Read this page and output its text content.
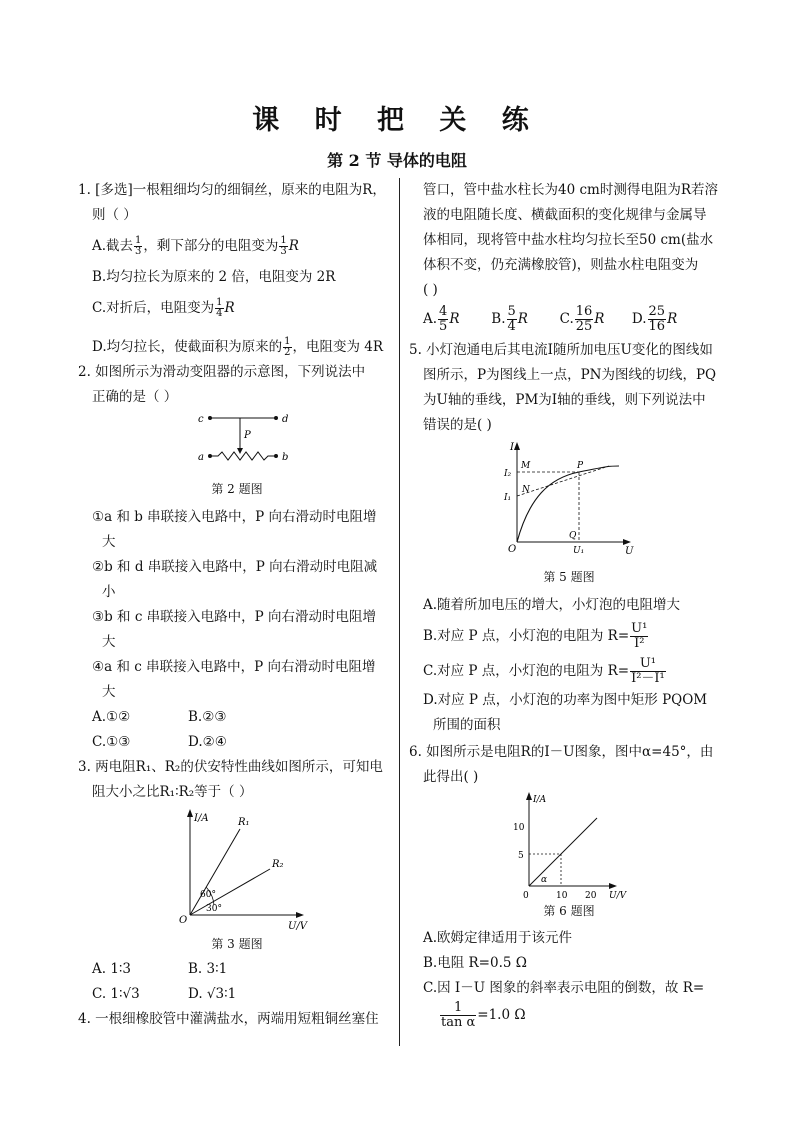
课 时 把 关 练
第 2 节 导体的电阻
1. [多选]一根粗细均匀的细铜丝，原来的电阻为R，
则（ ）
A.截去 $\frac{1}{3}$ ，剩下部分的电阻变为 $\frac{1}{3}$ R
B.均匀拉长为原来的 2 倍，电阻变为 2R
C.对折后，电阻变为 $\frac{1}{4}$ R
D.均匀拉长，使截面积为原来的 $\frac{1}{2}$ ，电阻变为 4R
2. 如图所示为滑动变阻器的示意图，下列说法中
正确的是（ ）
c	d
P
a	b
第 2 题图
①a 和 b 串联接入电路中，P 向右滑动时电阻增
大
②b 和 d 串联接入电路中，P 向右滑动时电阻减
小
③b 和 c 串联接入电路中，P 向右滑动时电阻增
大
④a 和 c 串联接入电路中，P 向右滑动时电阻增
大
A.①②	B.②③
C.①③	D.②④
3. 两电阻R₁、R₂的伏安特性曲线如图所示，可知电
阻大小之比R₁∶R₂等于（ ）
I/A
U/V
O
R₁
R₂
60°
30°
第 3 题图
A. 1∶3	B. 3∶1
C. 1∶√3	D. √3∶1
4. 一根细橡胶管中灌满盐水，两端用短粗铜丝塞住
管口，管中盐水柱长为40 cm时测得电阻为R若溶
液的电阻随长度、横截面积的变化规律与金属导
体相同，现将管中盐水柱均匀拉长至50 cm(盐水
体积不变，仍充满橡胶管)，则盐水柱电阻变为
( )
A. $\frac{4}{5}$ R B. $\frac{5}{4}$ R C. $\frac{16}{25}$ R D. $\frac{25}{16}$ R
5. 小灯泡通电后其电流I随所加电压U变化的图线如
图所示，P为图线上一点，PN为图线的切线，PQ
为U轴的垂线，PM为I轴的垂线，则下列说法中
错误的是( )
I
U
O
M
N
P
Q
I₁
I₂
U₁
第 5 题图
A.随着所加电压的增大，小灯泡的电阻增大
B.对应 P 点，小灯泡的电阻为 $R= \frac{\text{U¹}}{\text{I²}}$
C.对应 P 点，小灯泡的电阻为 $R= \frac{\text{U¹}}{\text{I²－I¹}}$
D.对应 P 点，小灯泡的功率为图中矩形 PQOM
所围的面积
6. 如图所示是电阻R的I－U图象，图中α=45°，由
此得出( )
I/A
U/V
10
5
0	10 20
α
第 6 题图
A.欧姆定律适用于该元件
B.电阻 R=0.5 Ω
C.因 I－U 图象的斜率表示电阻的倒数，故 R=
$\frac{1}{\text{tan α}} =1.0$ Ω
